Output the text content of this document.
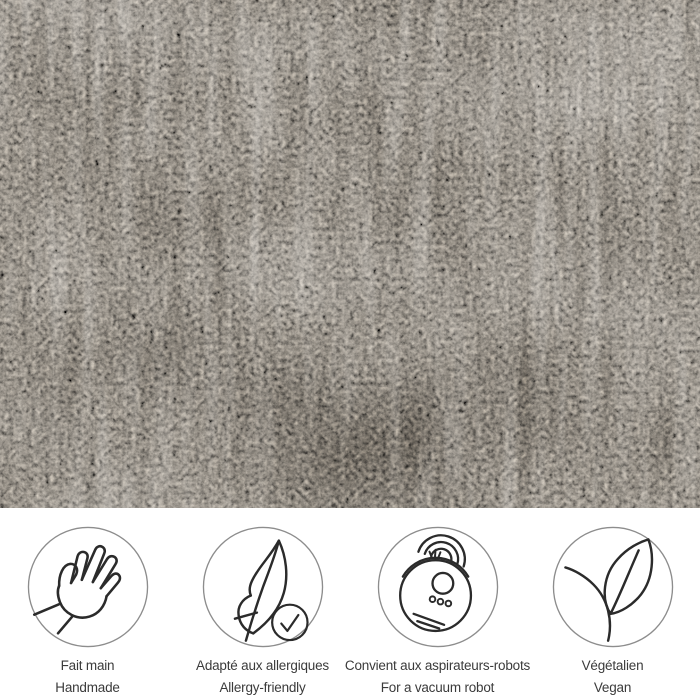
Fait main
Handmade
Adapté aux allergiques
Allergy-friendly
Convient aux aspirateurs-robots
For a vacuum robot
Végétalien
Vegan
